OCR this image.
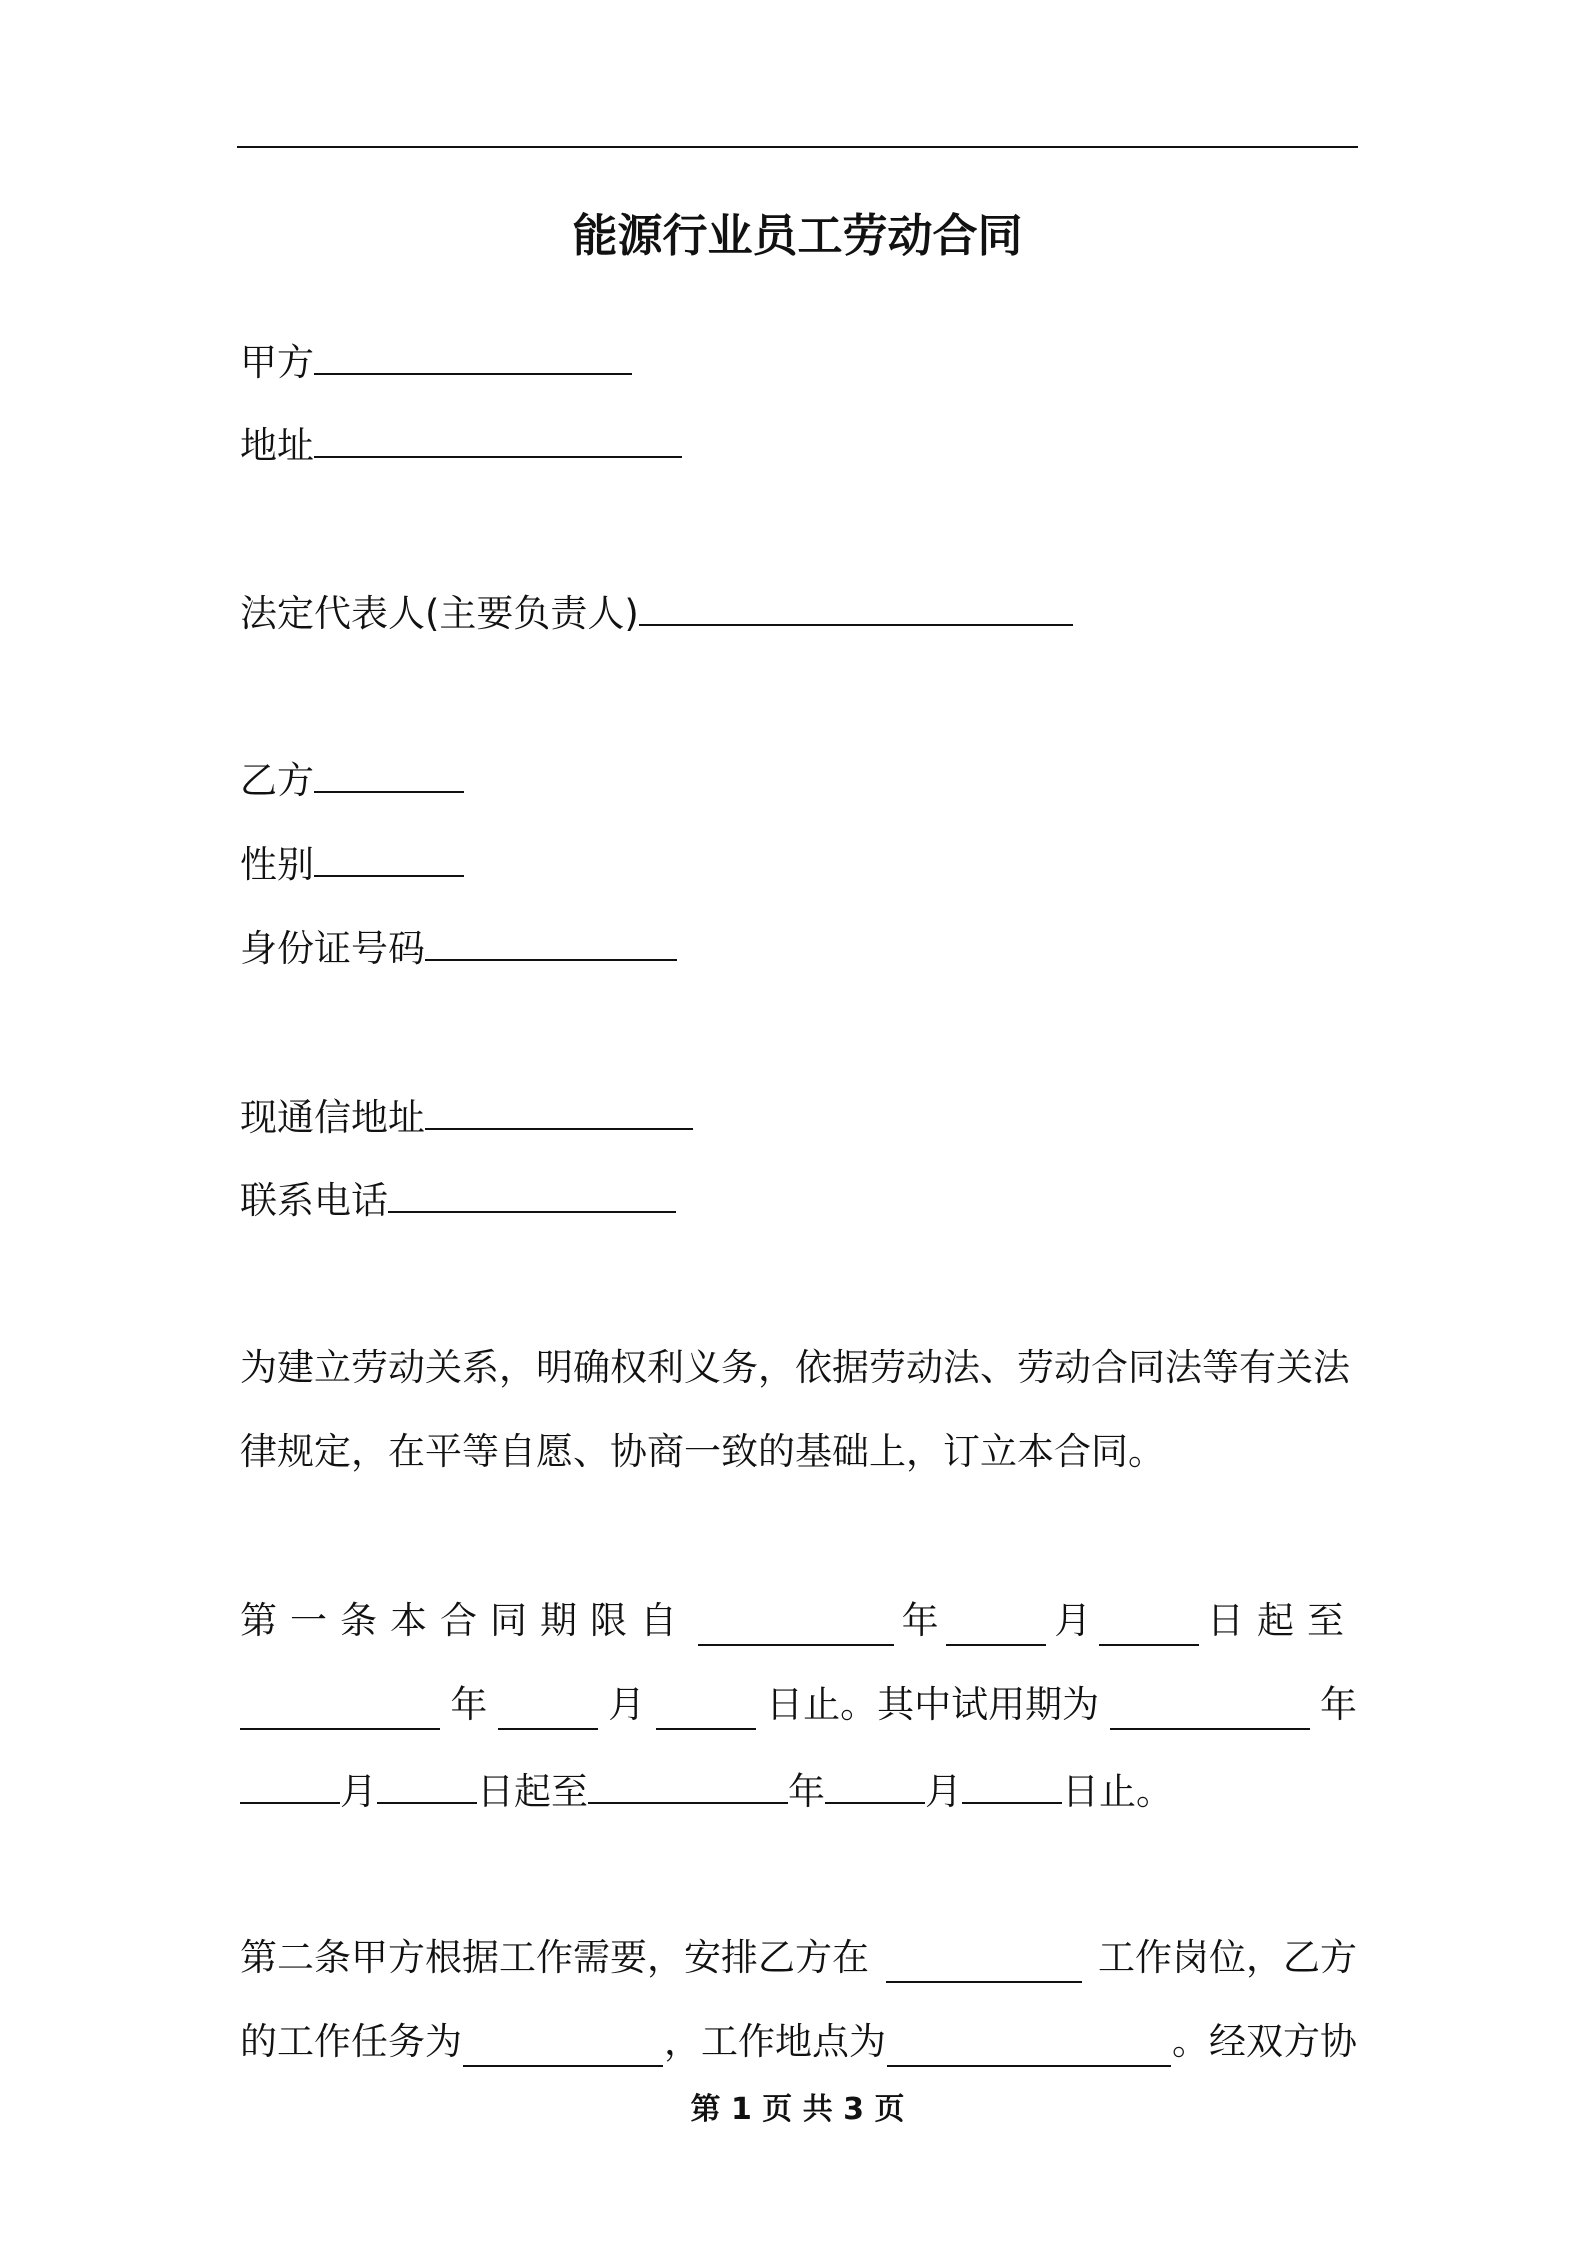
能源行业员工劳动合同
甲方
地址
法定代表人(主要负责人)
乙方
性别
身份证号码
现通信地址
联系电话
为建立劳动关系，明确权利义务，依据劳动法、劳动合同法等有关法
律规定，在平等自愿、协商一致的基础上，订立本合同。
第一条本合同期限自	年	月	日起至
年	月	日止。其中试用期为	年
月	日起至	年	月	日止。
第二条甲方根据工作需要，安排乙方在	工作岗位，乙方
的工作任务为	，工作地点为	。经双方协
第 1 页 共 3 页
